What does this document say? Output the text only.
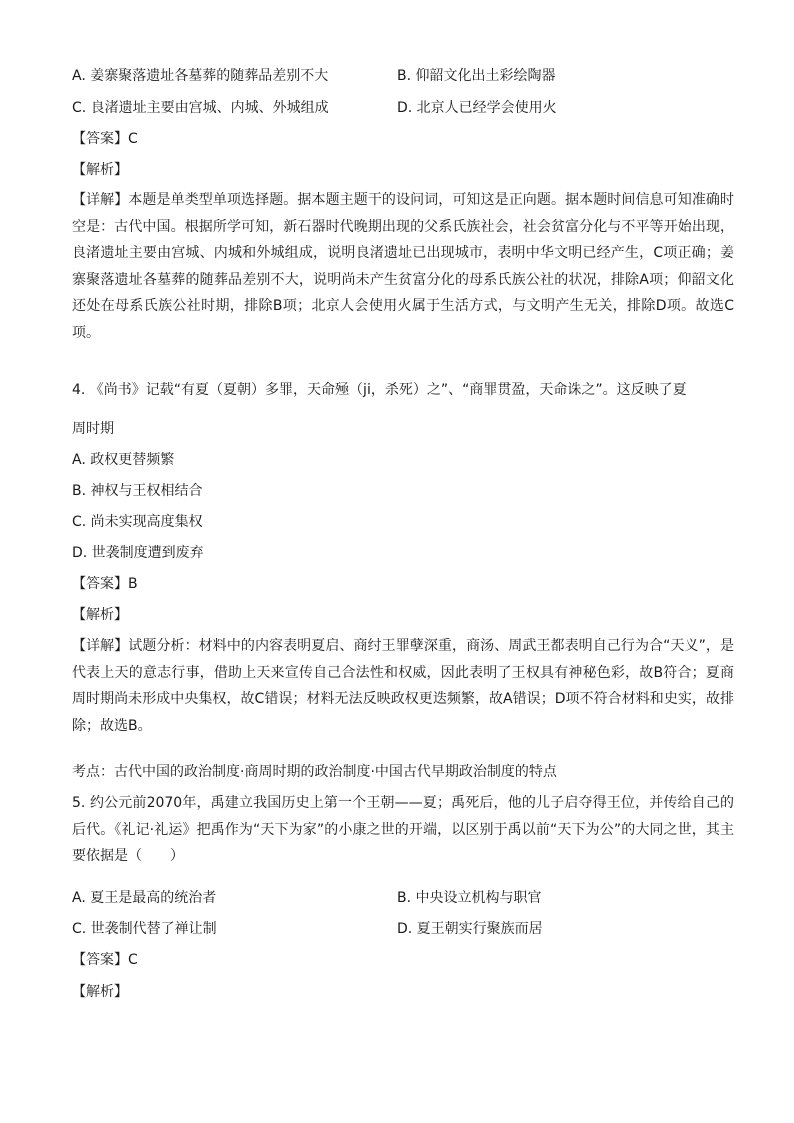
A. 姜寨聚落遗址各墓葬的随葬品差别不大	B. 仰韶文化出土彩绘陶器
C. 良渚遗址主要由宫城、内城、外城组成	D. 北京人已经学会使用火
【答案】C
【解析】
【详解】本题是单类型单项选择题。据本题主题干的设问词，可知这是正向题。据本题时间信息可知准确时空是：古代中国。根据所学可知，新石器时代晚期出现的父系氏族社会，社会贫富分化与不平等开始出现，良渚遗址主要由宫城、内城和外城组成，说明良渚遗址已出现城市，表明中华文明已经产生，C项正确；姜寨聚落遗址各墓葬的随葬品差别不大，说明尚未产生贫富分化的母系氏族公社的状况，排除A项；仰韶文化还处在母系氏族公社时期，排除B项；北京人会使用火属于生活方式，与文明产生无关，排除D项。故选C项。
4. 《尚书》记载“有夏（夏朝）多罪，天命殛（ji，杀死）之”、“商罪贯盈，天命诛之”。这反映了夏
周时期
A. 政权更替频繁
B. 神权与王权相结合
C. 尚未实现高度集权
D. 世袭制度遭到废弃
【答案】B
【解析】
【详解】试题分析：材料中的内容表明夏启、商纣王罪孽深重，商汤、周武王都表明自己行为合“天义”，是代表上天的意志行事，借助上天来宣传自己合法性和权威，因此表明了王权具有神秘色彩，故B符合；夏商周时期尚未形成中央集权，故C错误；材料无法反映政权更迭频繁，故A错误；D项不符合材料和史实，故排除；故选B。
考点：古代中国的政治制度·商周时期的政治制度·中国古代早期政治制度的特点
5. 约公元前2070年，禹建立我国历史上第一个王朝——夏；禹死后，他的儿子启夺得王位，并传给自己的后代。《礼记·礼运》把禹作为“天下为家”的小康之世的开端，以区别于禹以前“天下为公”的大同之世，其主要依据是（　　）
A. 夏王是最高的统治者	B. 中央设立机构与职官
C. 世袭制代替了禅让制	D. 夏王朝实行聚族而居
【答案】C
【解析】
